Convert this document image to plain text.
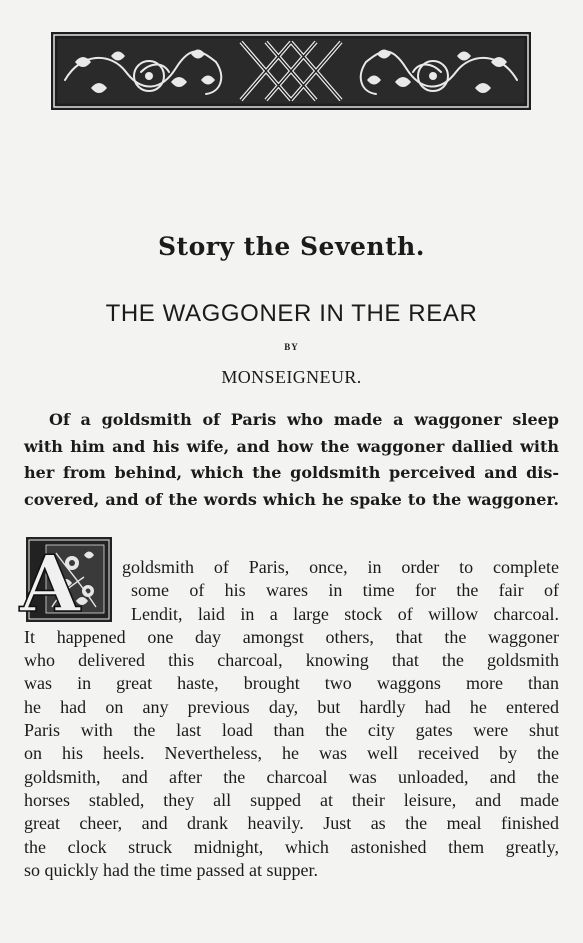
Story the Seventh.
THE WAGGONER IN THE REAR
BY
MONSEIGNEUR.
Of a goldsmith of Paris who made a waggoner sleep
with him and his wife, and how the waggoner dallied with
her from behind, which the goldsmith perceived and dis-
covered, and of the words which he spake to the waggoner.
A	goldsmith of Paris, once, in order to complete
some of his wares in time for the fair of
Lendit, laid in a large stock of willow charcoal.
It happened one day amongst others, that the waggoner
who delivered this charcoal, knowing that the goldsmith
was in great haste, brought two waggons more than
he had on any previous day, but hardly had he entered
Paris with the last load than the city gates were shut
on his heels. Nevertheless, he was well received by the
goldsmith, and after the charcoal was unloaded, and the
horses stabled, they all supped at their leisure, and made
great cheer, and drank heavily. Just as the meal finished
the clock struck midnight, which astonished them greatly,
so quickly had the time passed at supper.
